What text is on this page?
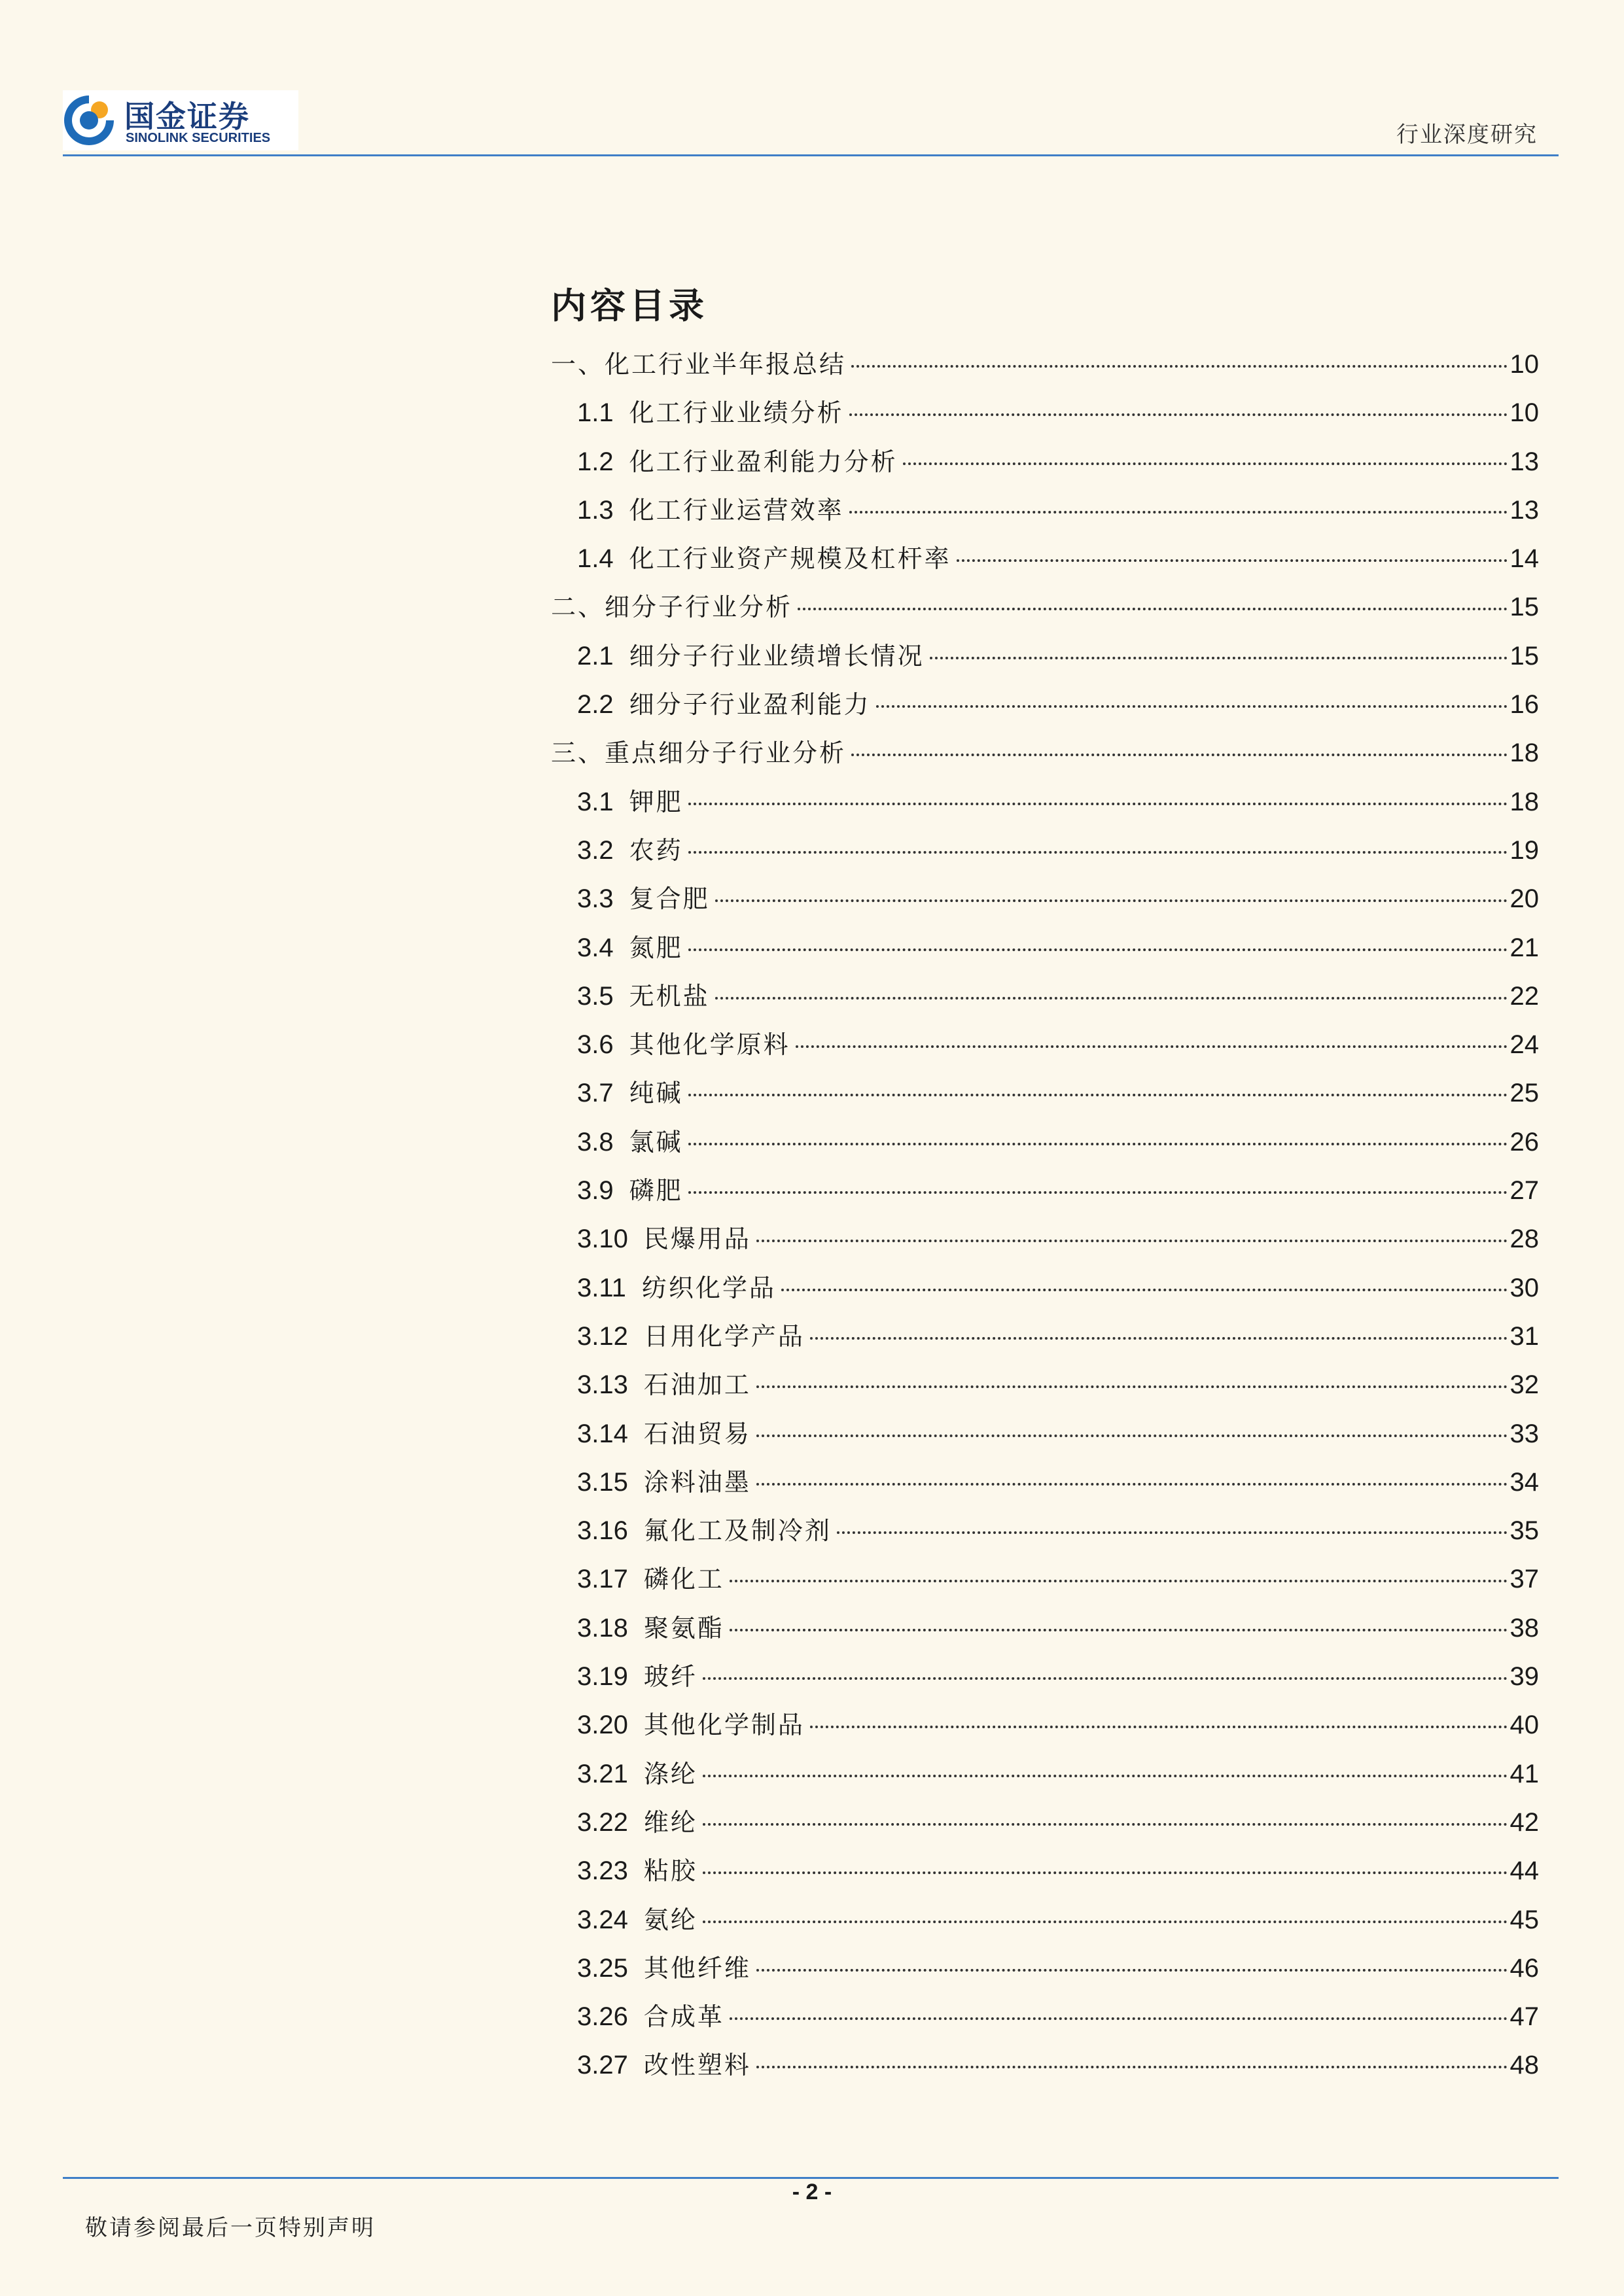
国金证券
SINOLINK SECURITIES	行业深度研究
内容目录
一、化工行业半年报总结	10
1.1 化工行业业绩分析	10
1.2 化工行业盈利能力分析	13
1.3 化工行业运营效率	13
1.4 化工行业资产规模及杠杆率	14
二、细分子行业分析	15
2.1 细分子行业业绩增长情况	15
2.2 细分子行业盈利能力	16
三、重点细分子行业分析	18
3.1 钾肥	18
3.2 农药	19
3.3 复合肥	20
3.4 氮肥	21
3.5 无机盐	22
3.6 其他化学原料	24
3.7 纯碱	25
3.8 氯碱	26
3.9 磷肥	27
3.10 民爆用品	28
3.11 纺织化学品	30
3.12 日用化学产品	31
3.13 石油加工	32
3.14 石油贸易	33
3.15 涂料油墨	34
3.16 氟化工及制冷剂	35
3.17 磷化工	37
3.18 聚氨酯	38
3.19 玻纤	39
3.20 其他化学制品	40
3.21 涤纶	41
3.22 维纶	42
3.23 粘胶	44
3.24 氨纶	45
3.25 其他纤维	46
3.26 合成革	47
3.27 改性塑料	48
- 2 -
敬请参阅最后一页特别声明
